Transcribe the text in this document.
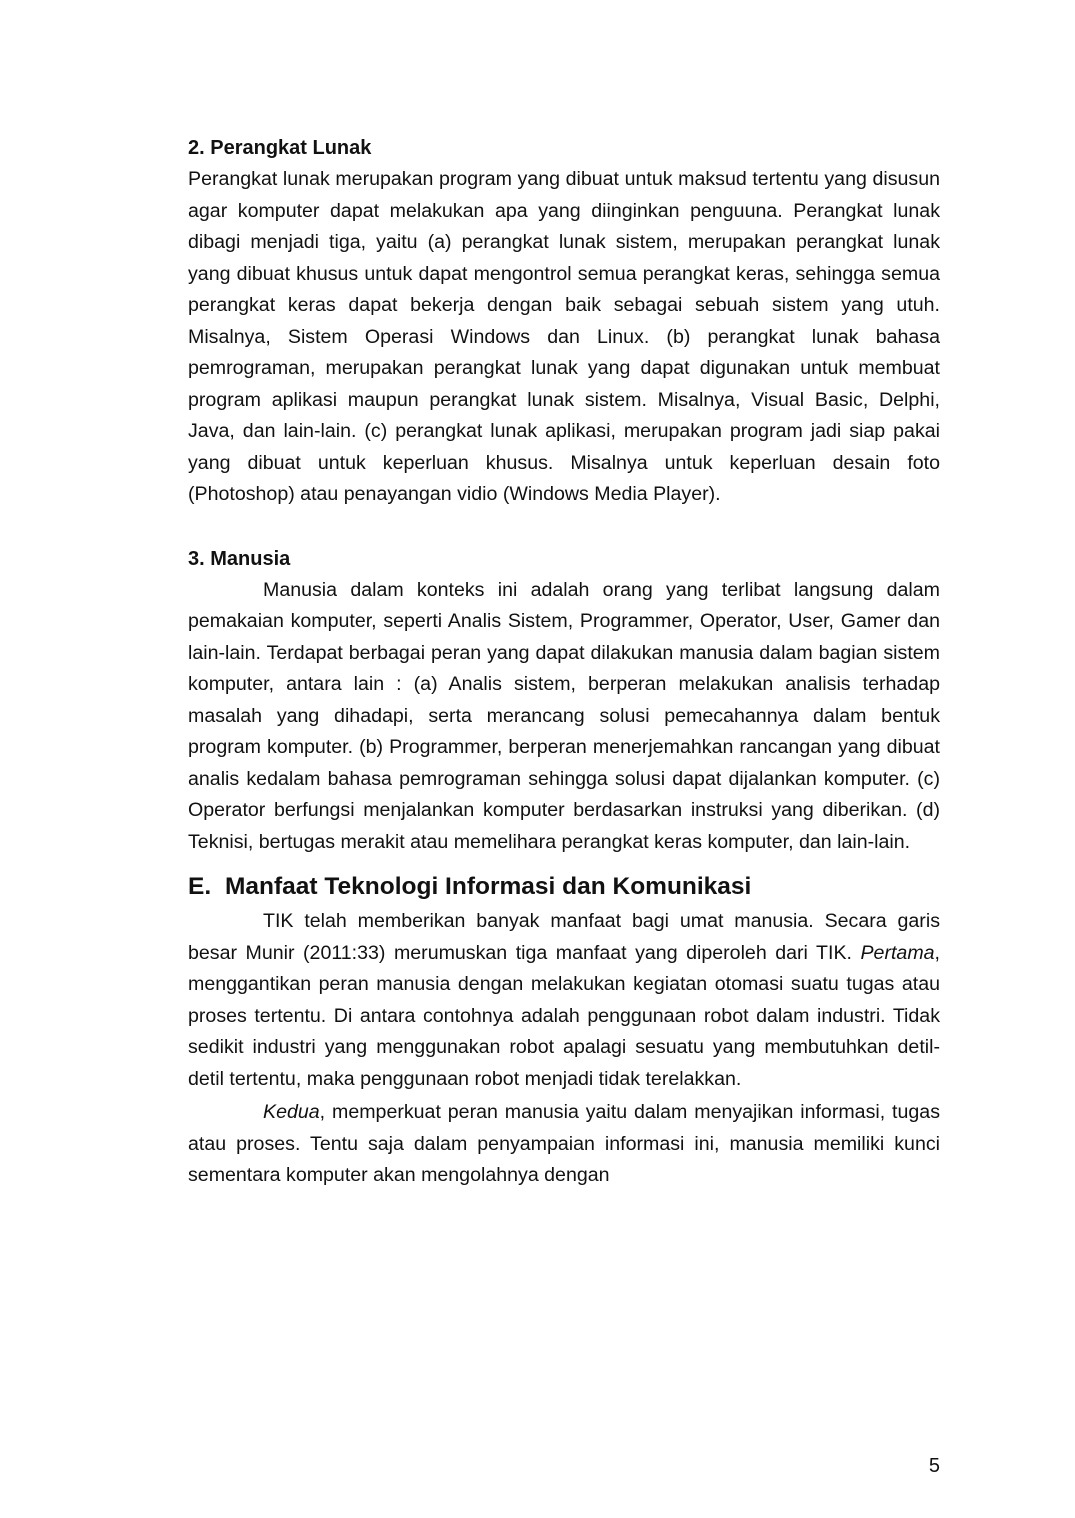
2. Perangkat Lunak

Perangkat lunak merupakan program yang dibuat untuk maksud tertentu yang disusun agar komputer dapat melakukan apa yang diinginkan penguuna. Perangkat lunak dibagi menjadi tiga, yaitu (a) perangkat lunak sistem, merupakan perangkat lunak yang dibuat khusus untuk dapat mengontrol semua perangkat keras, sehingga semua perangkat keras dapat bekerja dengan baik sebagai sebuah sistem yang utuh. Misalnya, Sistem Operasi Windows dan Linux. (b) perangkat lunak bahasa pemrograman, merupakan perangkat lunak yang dapat digunakan untuk membuat program aplikasi maupun perangkat lunak sistem. Misalnya, Visual Basic, Delphi, Java, dan lain-lain. (c) perangkat lunak aplikasi, merupakan program jadi siap pakai yang dibuat untuk keperluan khusus. Misalnya untuk keperluan desain foto (Photoshop) atau penayangan vidio (Windows Media Player).

3. Manusia

Manusia dalam konteks ini adalah orang yang terlibat langsung dalam pemakaian komputer, seperti Analis Sistem, Programmer, Operator, User, Gamer dan lain-lain. Terdapat berbagai peran yang dapat dilakukan manusia dalam bagian sistem komputer, antara lain : (a) Analis sistem, berperan melakukan analisis terhadap masalah yang dihadapi, serta merancang solusi pemecahannya dalam bentuk program komputer. (b) Programmer, berperan menerjemahkan rancangan yang dibuat analis kedalam bahasa pemrograman sehingga solusi dapat dijalankan komputer. (c) Operator berfungsi menjalankan komputer berdasarkan instruksi yang diberikan. (d) Teknisi, bertugas merakit atau memelihara perangkat keras komputer, dan lain-lain.

E. Manfaat Teknologi Informasi dan Komunikasi

TIK telah memberikan banyak manfaat bagi umat manusia. Secara garis besar Munir (2011:33) merumuskan tiga manfaat yang diperoleh dari TIK. Pertama, menggantikan peran manusia dengan melakukan kegiatan otomasi suatu tugas atau proses tertentu. Di antara contohnya adalah penggunaan robot dalam industri. Tidak sedikit industri yang menggunakan robot apalagi sesuatu yang membutuhkan detil-detil tertentu, maka penggunaan robot menjadi tidak terelakkan.

Kedua, memperkuat peran manusia yaitu dalam menyajikan informasi, tugas atau proses. Tentu saja dalam penyampaian informasi ini, manusia memiliki kunci sementara komputer akan mengolahnya dengan

5
